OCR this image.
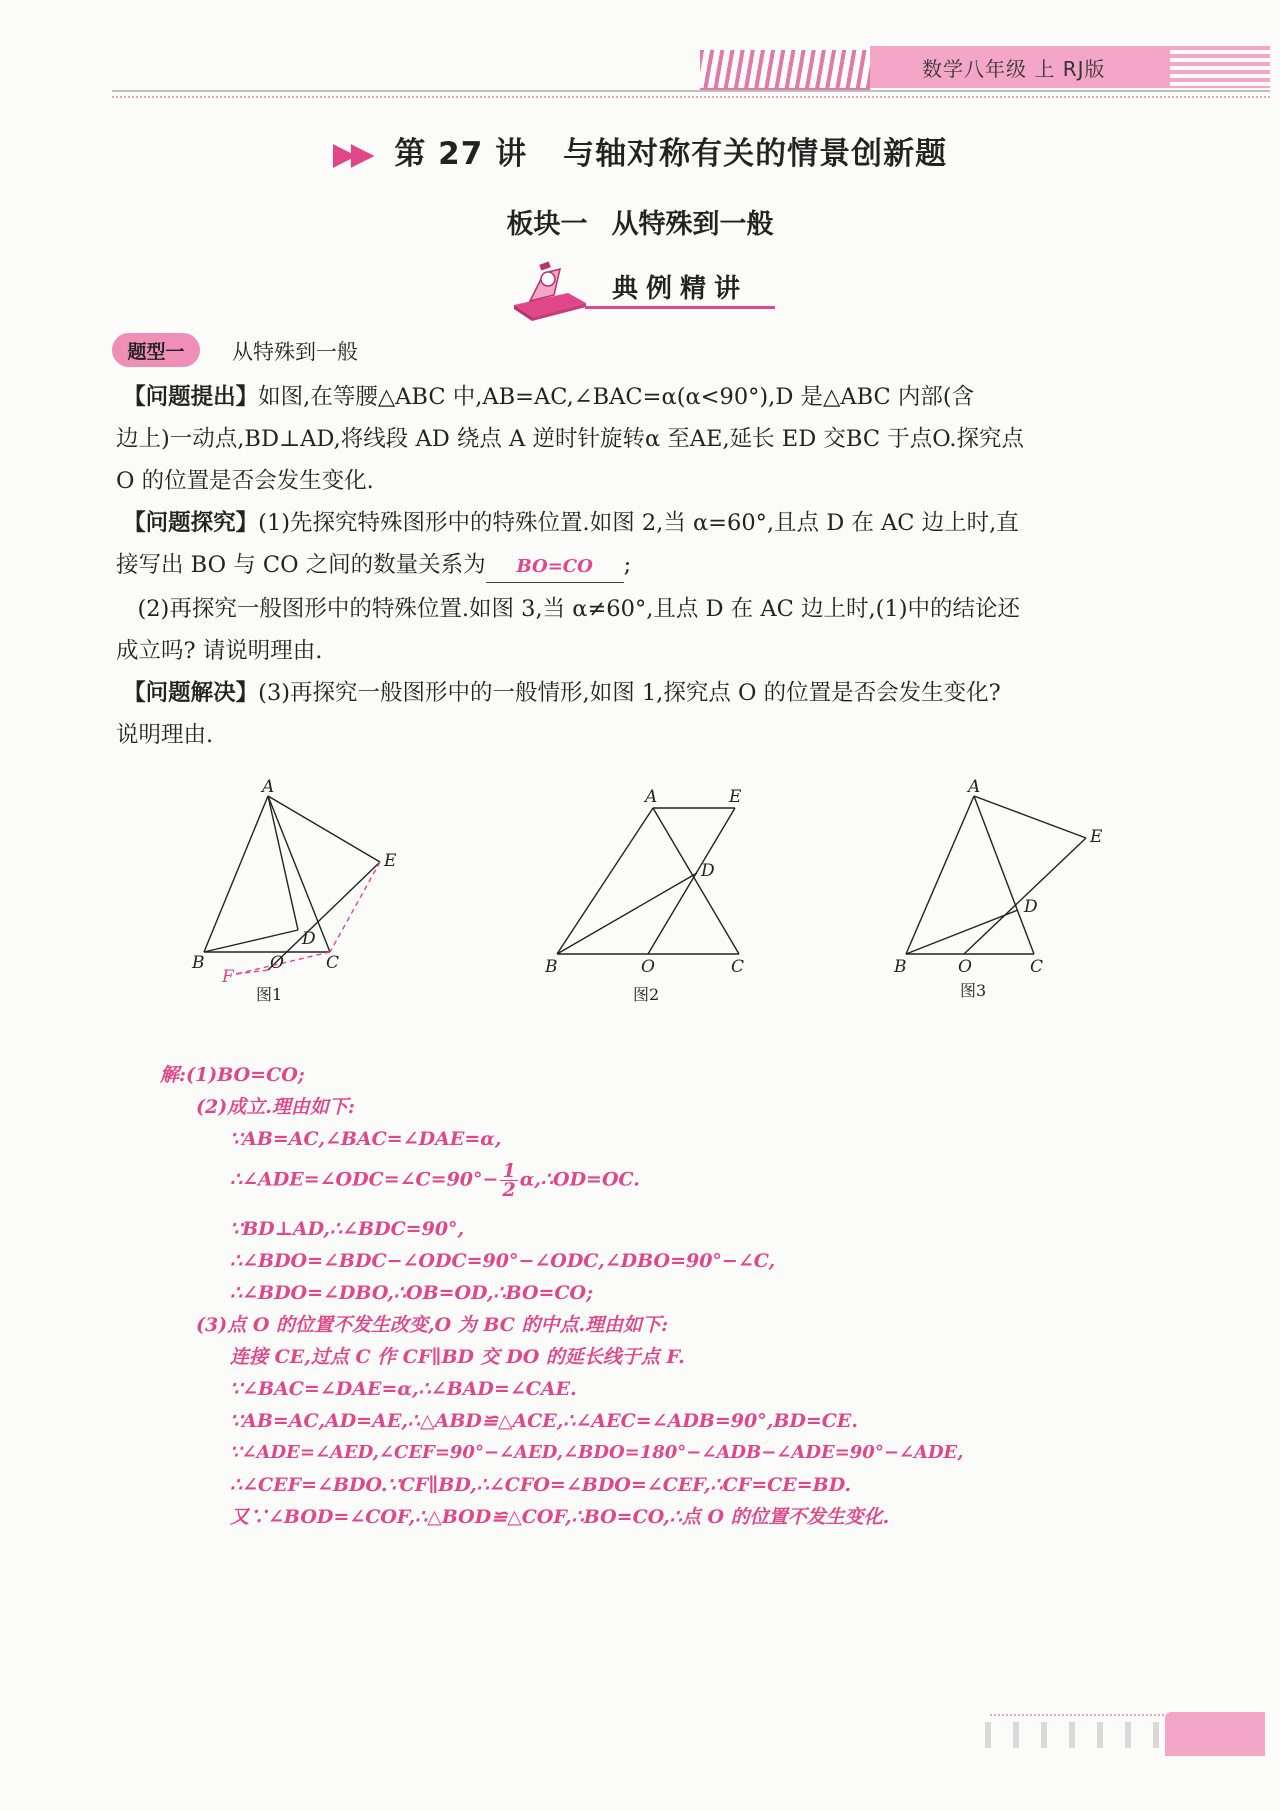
数学八年级 上 RJ版
▶▶ 第 27 讲 与轴对称有关的情景创新题
板块一 从特殊到一般
典例精讲
题型一	从特殊到一般
【问题提出】如图,在等腰△ABC 中,AB=AC,∠BAC=α(α<90°),D 是△ABC 内部(含
边上)一动点,BD⊥AD,将线段 AD 绕点 A 逆时针旋转α 至AE,延长 ED 交BC 于点O.探究点
O 的位置是否会发生变化.
【问题探究】(1)先探究特殊图形中的特殊位置.如图 2,当 α=60°,且点 D 在 AC 边上时,直
接写出 BO 与 CO 之间的数量关系为 BO=CO ;
(2)再探究一般图形中的特殊位置.如图 3,当 α≠60°,且点 D 在 AC 边上时,(1)中的结论还
成立吗? 请说明理由.
【问题解决】(3)再探究一般图形中的一般情形,如图 1,探究点 O 的位置是否会发生变化?
说明理由.
A
B	C
D
E
O
F
图1
A	E
D
B	O	C
图2
A
E
D
B	O	C
图3
解:(1)BO=CO;
(2)成立.理由如下:
∵AB=AC,∠BAC=∠DAE=α,
∴∠ADE=∠ODC=∠C=90°− $\frac{1}{2}$ α,∴OD=OC.
∵BD⊥AD,∴∠BDC=90°,
∴∠BDO=∠BDC−∠ODC=90°−∠ODC,∠DBO=90°−∠C,
∴∠BDO=∠DBO,∴OB=OD,∴BO=CO;
(3)点 O 的位置不发生改变,O 为 BC 的中点.理由如下:
连接 CE,过点 C 作 CF∥BD 交 DO 的延长线于点 F.
∵∠BAC=∠DAE=α,∴∠BAD=∠CAE.
∵AB=AC,AD=AE,∴△ABD≌△ACE,∴∠AEC=∠ADB=90°,BD=CE.
∵∠ADE=∠AED,∠CEF=90°−∠AED,∠BDO=180°−∠ADB−∠ADE=90°−∠ADE,
∴∠CEF=∠BDO.∵CF∥BD,∴∠CFO=∠BDO=∠CEF,∴CF=CE=BD.
又∵∠BOD=∠COF,∴△BOD≌△COF,∴BO=CO,∴点 O 的位置不发生变化.
